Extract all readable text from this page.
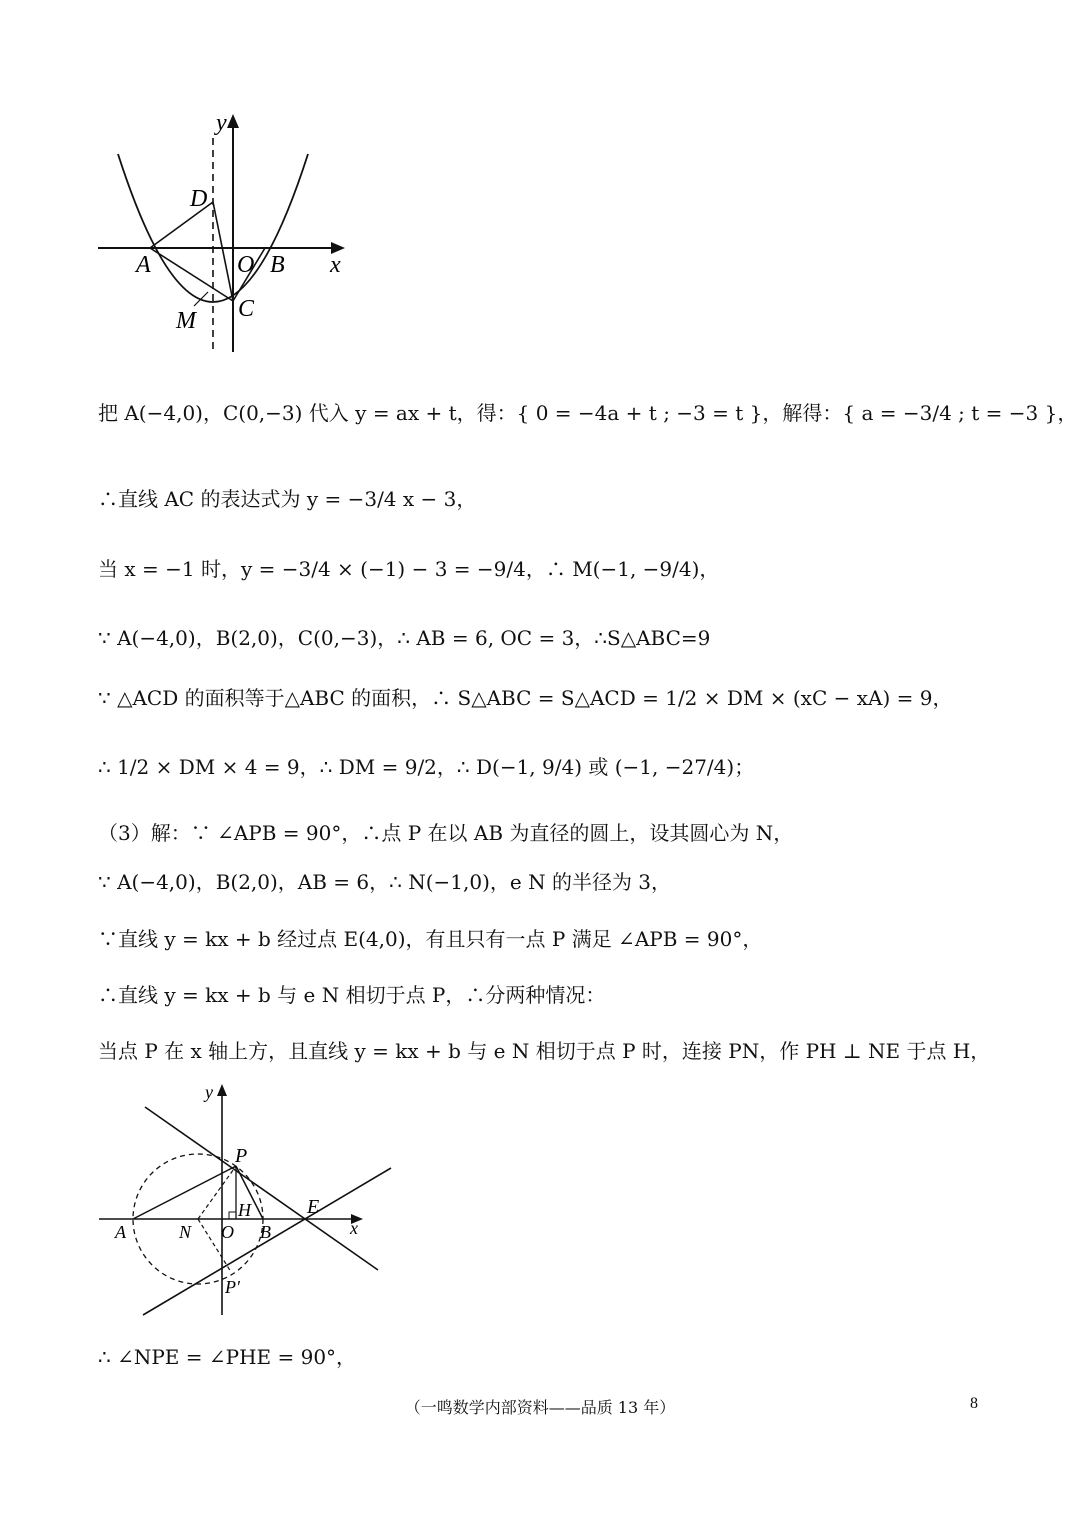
y
D
A	O B x
C
M
把 A(−4,0)，C(0,−3) 代入 y = ax + t，得：{ 0 = −4a + t ; −3 = t }，解得：{ a = −3/4 ; t = −3 }，
∴直线 AC 的表达式为 y = −3/4 x − 3，
当 x = −1 时，y = −3/4 × (−1) − 3 = −9/4，∴ M(−1, −9/4)，
∵ A(−4,0)，B(2,0)，C(0,−3)，∴ AB = 6, OC = 3，∴S△ABC=9
∵ △ACD 的面积等于△ABC 的面积，∴ S△ABC = S△ACD = 1/2 × DM × (xC − xA) = 9，
∴ 1/2 × DM × 4 = 9，∴ DM = 9/2，∴ D(−1, 9/4) 或 (−1, −27/4)；
（3）解：∵ ∠APB = 90°，∴点 P 在以 AB 为直径的圆上，设其圆心为 N，
∵ A(−4,0)，B(2,0)，AB = 6，∴ N(−1,0)，e N 的半径为 3，
∵直线 y = kx + b 经过点 E(4,0)，有且只有一点 P 满足 ∠APB = 90°，
∴直线 y = kx + b 与 e N 相切于点 P，∴分两种情况：
当点 P 在 x 轴上方，且直线 y = kx + b 与 e N 相切于点 P 时，连接 PN，作 PH ⊥ NE 于点 H，
y
P
H	E
A	N O B	x
P′
∴ ∠NPE = ∠PHE = 90°，
（一鸣数学内部资料——品质 13 年）	8
